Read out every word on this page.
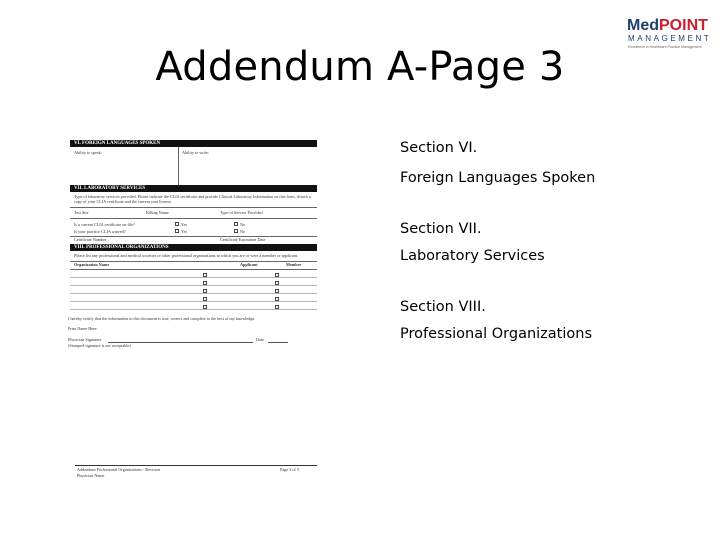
Addendum A-Page 3
MedPOINT
MANAGEMENT
Excellence in Healthcare Practice Management
VI. FOREIGN LANGUAGES SPOKEN
Ability to speak:	Ability to write:
VII. LABORATORY SERVICES
Type of laboratory services provided. Please indicate the CLIA certificate and provide Clinical Laboratory Information on this form. Attach a copy of your CLIA certificate and the current year license.
Test Site	Billing Name	Type of Service Provided
Is a current CLIA certificate on file?	Yes	No
Is your practice CLIA waived?	Yes	No
Certificate Number	Certificate Expiration Date
VIII. PROFESSIONAL ORGANIZATIONS
Please list any professional and medical societies or other professional organizations in which you are or were a member or applicant.
Organization Name	Applicant	Member
I hereby certify that the information in this document is true, correct and complete to the best of my knowledge.
Print Name Here:
Physician Signature	Date
(Stamped signature is not acceptable)
Addendum Professional Organizations - Revision	Page 3 of 3
Physician Name
Section VI.
Foreign Languages Spoken
Section VII.
Laboratory Services
Section VIII.
Professional Organizations
